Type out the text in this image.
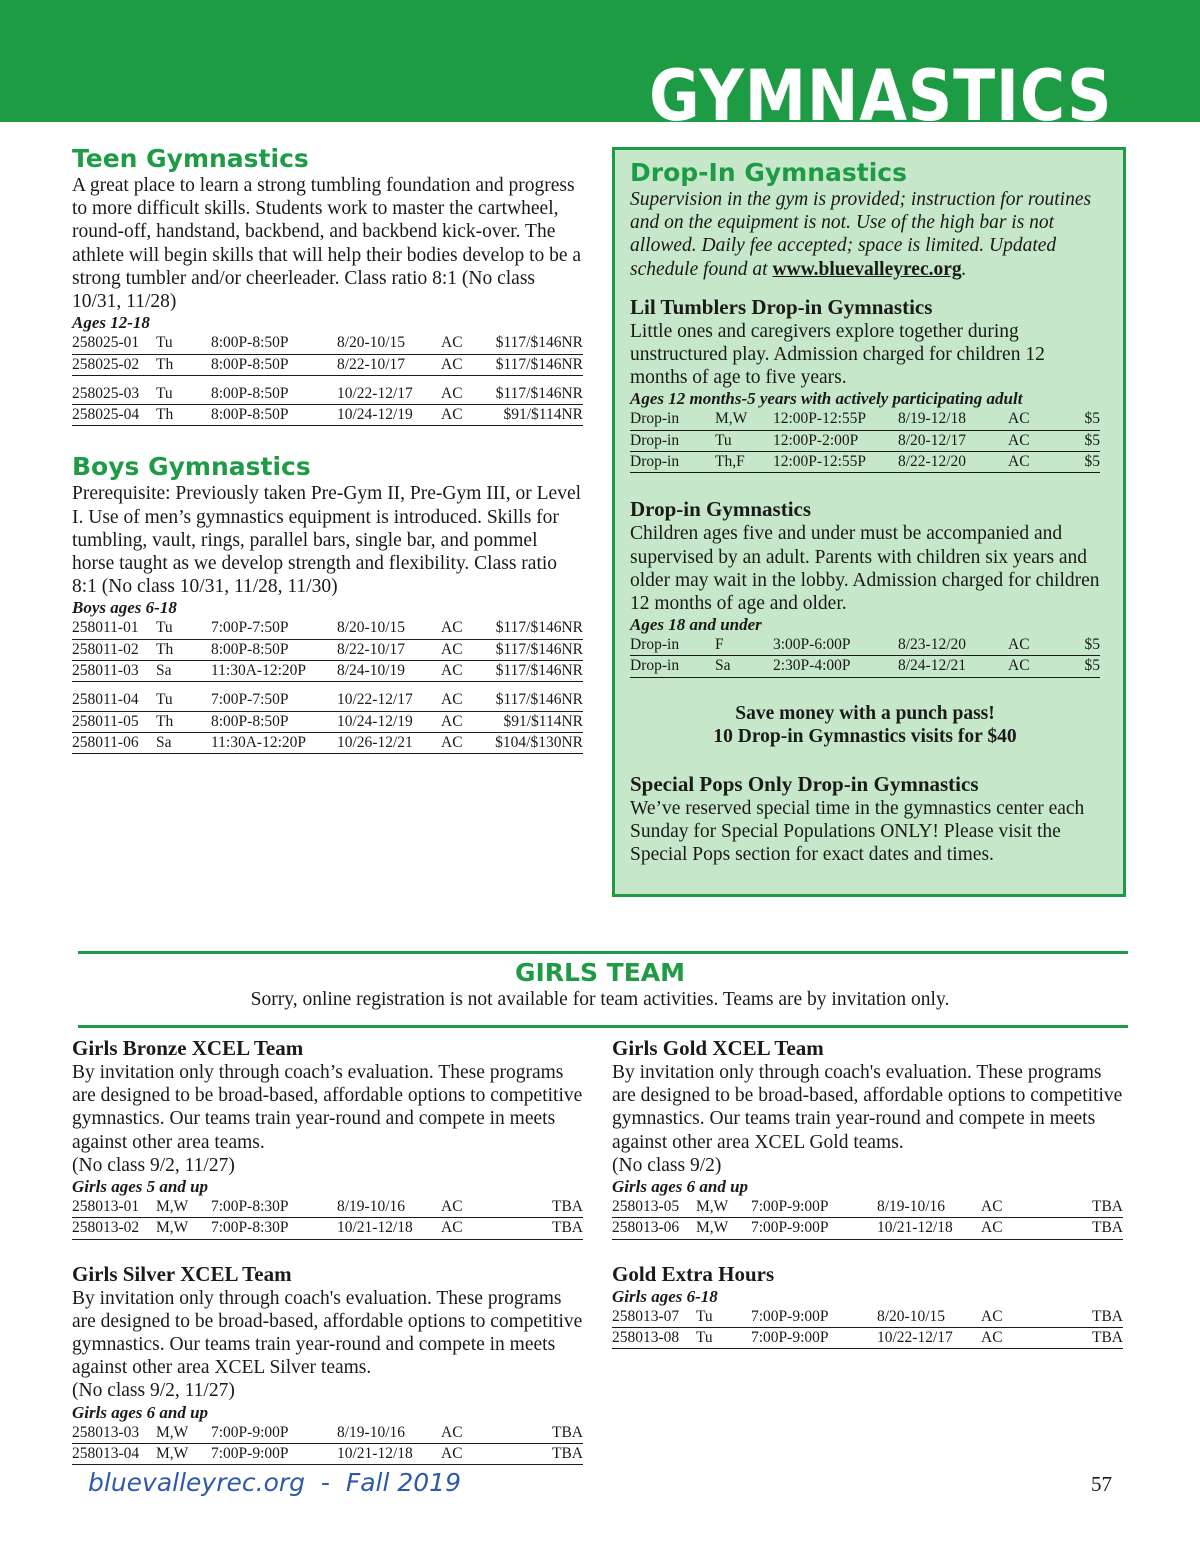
GYMNASTICS
Teen Gymnastics

A great place to learn a strong tumbling foundation and progress to more difficult skills. Students work to master the cartwheel, round-off, handstand, backbend, and backbend kick-over. The athlete will begin skills that will help their bodies develop to be a strong tumbler and/or cheerleader. Class ratio 8:1 (No class 10/31, 11/28)

Ages 12-18

258025-01 Tu 8:00P-8:50P	8/20-10/15 AC $117/$146NR
258025-02 Th 8:00P-8:50P	8/22-10/17 AC $117/$146NR
258025-03 Tu 8:00P-8:50P	10/22-12/17 AC $117/$146NR
258025-04 Th 8:00P-8:50P	10/24-12/19 AC	$91/$114NR
Boys Gymnastics

Prerequisite: Previously taken Pre-Gym II, Pre-Gym III, or Level I. Use of men’s gymnastics equipment is introduced. Skills for tumbling, vault, rings, parallel bars, single bar, and pommel horse taught as we develop strength and flexibility. Class ratio 8:1 (No class 10/31, 11/28, 11/30)

Boys ages 6-18

258011-01 Tu 7:00P-7:50P	8/20-10/15 AC $117/$146NR
258011-02 Th 8:00P-8:50P	8/22-10/17 AC $117/$146NR
258011-03 Sa	11:30A-12:20P 8/24-10/19 AC $117/$146NR
258011-04 Tu 7:00P-7:50P	10/22-12/17 AC $117/$146NR
258011-05 Th 8:00P-8:50P	10/24-12/19 AC	$91/$114NR
258011-06 Sa	11:30A-12:20P 10/26-12/21 AC $104/$130NR
Drop-In Gymnastics

Supervision in the gym is provided; instruction for routines and on the equipment is not. Use of the high bar is not allowed. Daily fee accepted; space is limited. Updated schedule found at www.bluevalleyrec.org.

Lil Tumblers Drop-in Gymnastics

Little ones and caregivers explore together during unstructured play. Admission charged for children 12 months of age to five years.

Ages 12 months-5 years with actively participating adult

Drop-in M,W 12:00P-12:55P 8/19-12/18	AC	$5
Drop-in Tu	12:00P-2:00P	8/20-12/17	AC	$5
Drop-in Th,F 12:00P-12:55P 8/22-12/20	AC	$5

Drop-in Gymnastics

Children ages five and under must be accompanied and supervised by an adult. Parents with children six years and older may wait in the lobby. Admission charged for children 12 months of age and older.

Ages 18 and under

Drop-in F	3:00P-6:00P	8/23-12/20	AC	$5
Drop-in Sa	2:30P-4:00P	8/24-12/21	AC	$5

Save money with a punch pass!

10 Drop-in Gymnastics visits for $40

Special Pops Only Drop-in Gymnastics

We’ve reserved special time in the gymnastics center each Sunday for Special Populations ONLY! Please visit the Special Pops section for exact dates and times.

GIRLS TEAM
Sorry, online registration is not available for team activities. Teams are by invitation only.

Girls Bronze XCEL Team

By invitation only through coach’s evaluation. These programs are designed to be broad-based, affordable options to competitive gymnastics. Our teams train year-round and compete in meets against other area teams.

(No class 9/2, 11/27)

Girls ages 5 and up

258013-01 M,W 7:00P-8:30P	8/19-10/16 AC	TBA
258013-02 M,W 7:00P-8:30P	10/21-12/18 AC	TBA

Girls Silver XCEL Team

By invitation only through coach's evaluation. These programs are designed to be broad-based, affordable options to competitive gymnastics. Our teams train year-round and compete in meets against other area XCEL Silver teams.

(No class 9/2, 11/27)

Girls ages 6 and up

258013-03 M,W 7:00P-9:00P	8/19-10/16 AC	TBA
258013-04 M,W 7:00P-9:00P	10/21-12/18 AC	TBA

Girls Gold XCEL Team

By invitation only through coach's evaluation. These programs are designed to be broad-based, affordable options to competitive gymnastics. Our teams train year-round and compete in meets against other area XCEL Gold teams.

(No class 9/2)

Girls ages 6 and up

258013-05 M,W 7:00P-9:00P	8/19-10/16 AC	TBA
258013-06 M,W 7:00P-9:00P	10/21-12/18 AC	TBA

Gold Extra Hours

Girls ages 6-18

258013-07 Tu 7:00P-9:00P	8/20-10/15 AC	TBA
258013-08 Tu 7:00P-9:00P	10/22-12/17 AC	TBA
bluevalleyrec.org  -  Fall 2019	57
